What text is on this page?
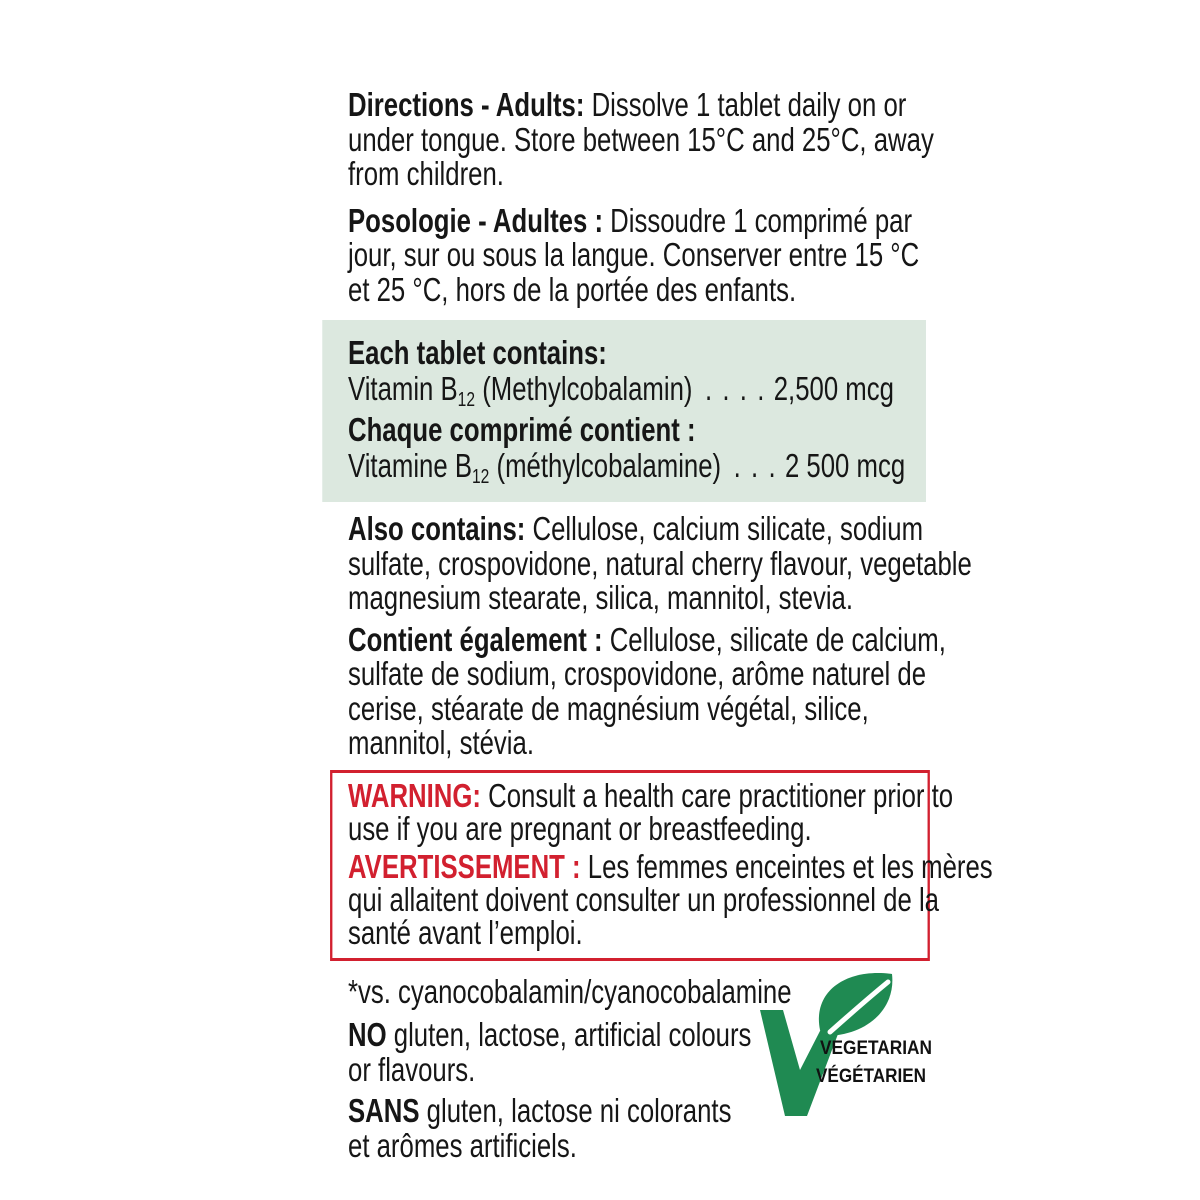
Directions - Adults: Dissolve 1 tablet daily on or
under tongue. Store between 15°C and 25°C, away
from children.
Posologie - Adultes : Dissoudre 1 comprimé par
jour, sur ou sous la langue. Conserver entre 15 °C
et 25 °C, hors de la portée des enfants.
Each tablet contains:
Vitamin B12 (Methylcobalamin) . . . . 2,500 mcg
Chaque comprimé contient :
Vitamine B12 (méthylcobalamine) . . . 2 500 mcg
Also contains: Cellulose, calcium silicate, sodium
sulfate, crospovidone, natural cherry flavour, vegetable
magnesium stearate, silica, mannitol, stevia.
Contient également : Cellulose, silicate de calcium,
sulfate de sodium, crospovidone, arôme naturel de
cerise, stéarate de magnésium végétal, silice,
mannitol, stévia.
WARNING: Consult a health care practitioner prior to
use if you are pregnant or breastfeeding.
AVERTISSEMENT : Les femmes enceintes et les mères
qui allaitent doivent consulter un professionnel de la
santé avant l’emploi.
*vs. cyanocobalamin/cyanocobalamine
NO gluten, lactose, artificial colours
or flavours.
SANS gluten, lactose ni colorants
et arômes artificiels.
VEGETARIAN
VÉGÉTARIEN
